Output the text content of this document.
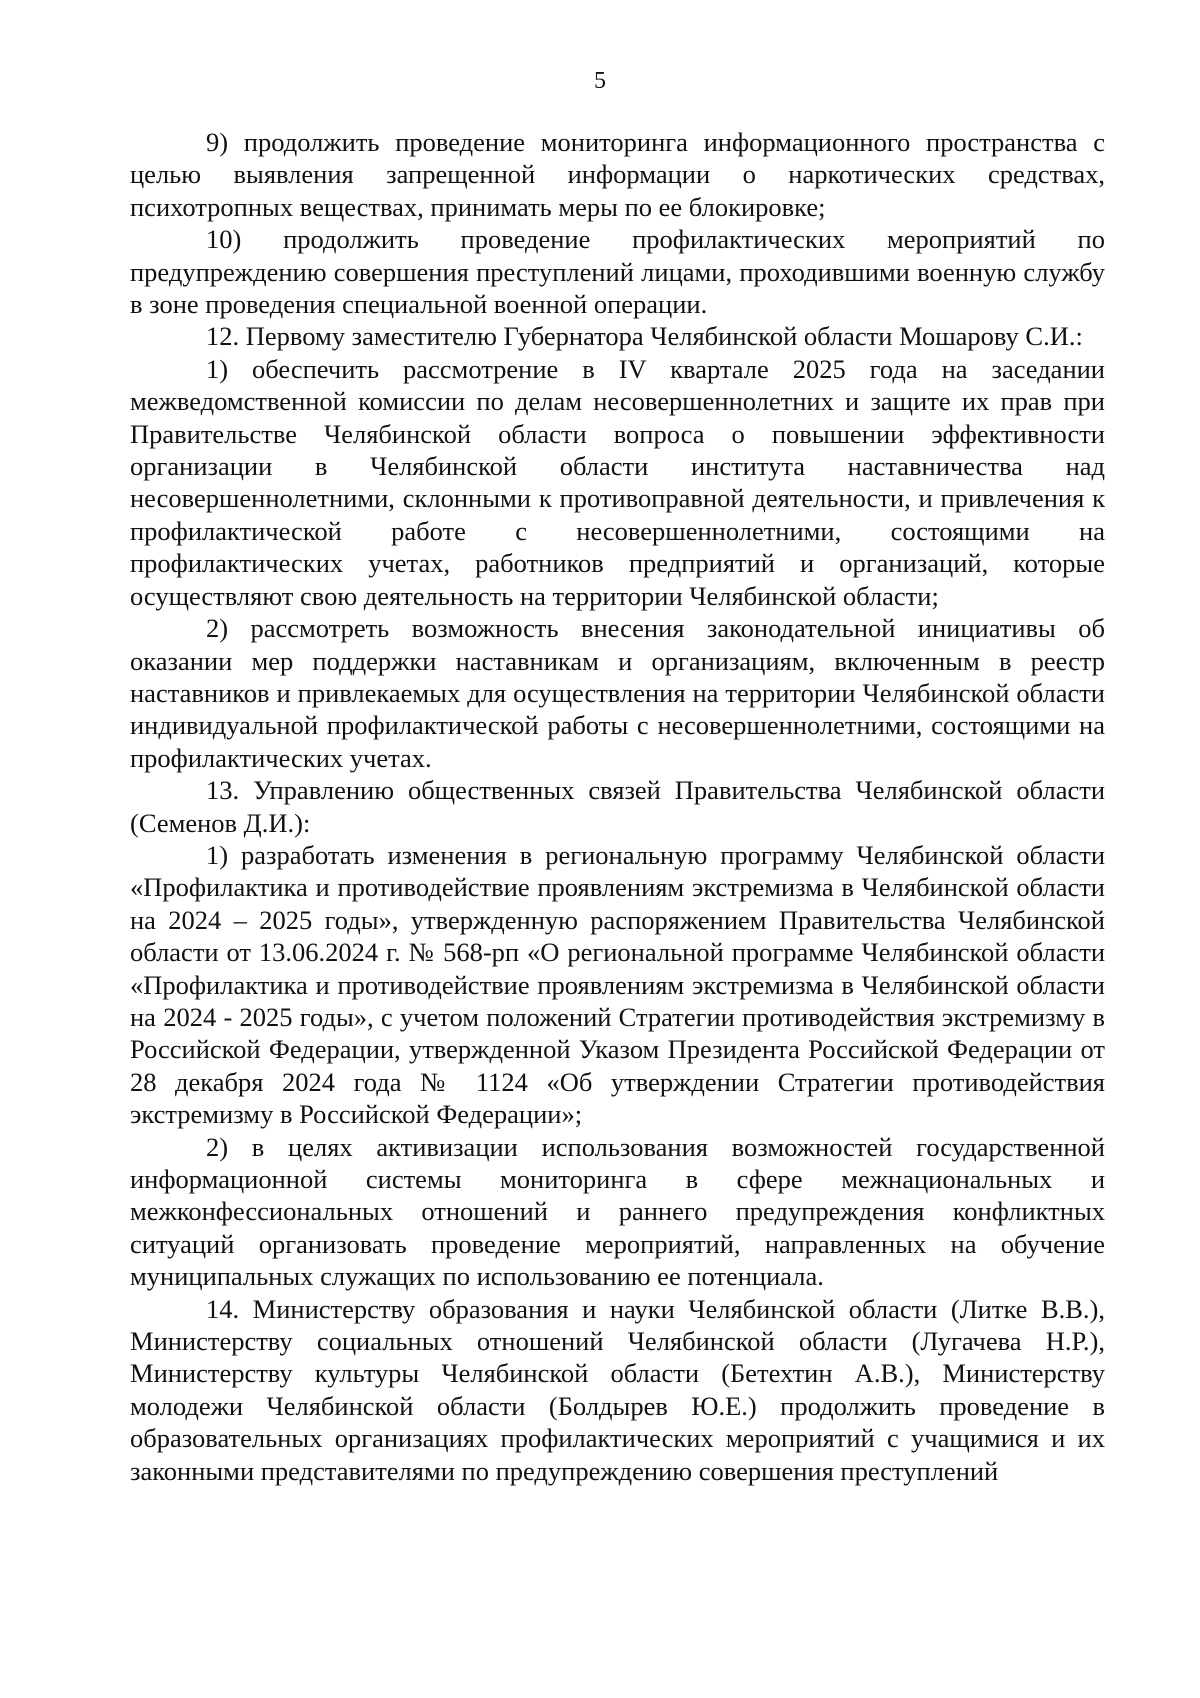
5

9) продолжить проведение мониторинга информационного пространства с целью выявления запрещенной информации о наркотических средствах, психотропных веществах, принимать меры по ее блокировке;

10) продолжить проведение профилактических мероприятий по предупреждению совершения преступлений лицами, проходившими военную службу в зоне проведения специальной военной операции.

12. Первому заместителю Губернатора Челябинской области Мошарову С.И.:

1) обеспечить рассмотрение в IV квартале 2025 года на заседании межведомственной комиссии по делам несовершеннолетних и защите их прав при Правительстве Челябинской области вопроса о повышении эффективности организации в Челябинской области института наставничества над несовершеннолетними, склонными к противоправной деятельности, и привлечения к профилактической работе с несовершеннолетними, состоящими на профилактических учетах, работников предприятий и организаций, которые осуществляют свою деятельность на территории Челябинской области;

2) рассмотреть возможность внесения законодательной инициативы об оказании мер поддержки наставникам и организациям, включенным в реестр наставников и привлекаемых для осуществления на территории Челябинской области индивидуальной профилактической работы с несовершеннолетними, состоящими на профилактических учетах.

13. Управлению общественных связей Правительства Челябинской области (Семенов Д.И.):

1) разработать изменения в региональную программу Челябинской области «Профилактика и противодействие проявлениям экстремизма в Челябинской области на 2024 – 2025 годы», утвержденную распоряжением Правительства Челябинской области от 13.06.2024 г. № 568-рп «О региональной программе Челябинской области «Профилактика и противодействие проявлениям экстремизма в Челябинской области на 2024 - 2025 годы», с учетом положений Стратегии противодействия экстремизму в Российской Федерации, утвержденной Указом Президента Российской Федерации от 28 декабря 2024 года № 1124 «Об утверждении Стратегии противодействия экстремизму в Российской Федерации»;

2) в целях активизации использования возможностей государственной информационной системы мониторинга в сфере межнациональных и межконфессиональных отношений и раннего предупреждения конфликтных ситуаций организовать проведение мероприятий, направленных на обучение муниципальных служащих по использованию ее потенциала.

14. Министерству образования и науки Челябинской области (Литке В.В.), Министерству социальных отношений Челябинской области (Лугачева Н.Р.), Министерству культуры Челябинской области (Бетехтин А.В.), Министерству молодежи Челябинской области (Болдырев Ю.Е.) продолжить проведение в образовательных организациях профилактических мероприятий с учащимися и их законными представителями по предупреждению совершения преступлений
